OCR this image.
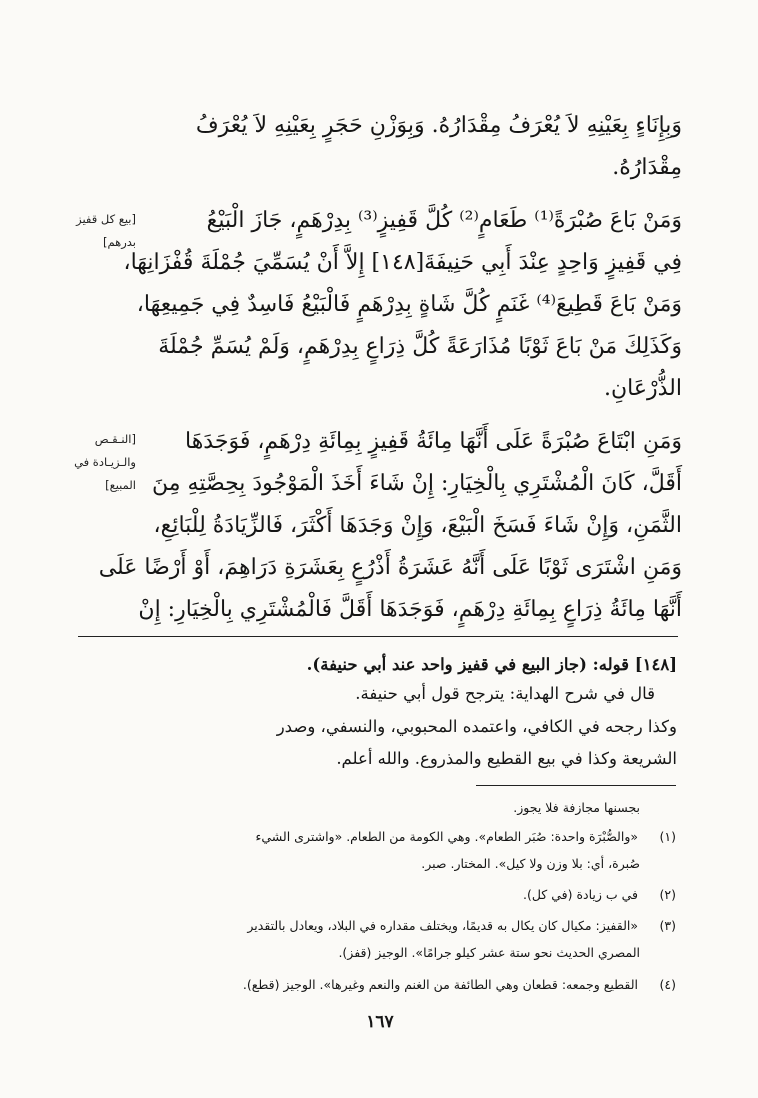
وَبِإِنَاءٍ بِعَيْنِهِ لاَ يُعْرَفُ مِقْدَارُهُ. وَبِوَزْنِ حَجَرٍ بِعَيْنِهِ لاَ يُعْرَفُ
مِقْدَارُهُ.
وَمَنْ بَاعَ صُبْرَةً⁽¹⁾ طَعَامٍ⁽²⁾ كُلَّ قَفِيزٍ⁽³⁾ بِدِرْهَمٍ، جَازَ الْبَيْعُ
فِي قَفِيزٍ وَاحِدٍ عِنْدَ أَبِي حَنِيفَةَ[١٤٨] إِلاَّ أَنْ يُسَمِّيَ جُمْلَةَ قُفْزَانِهَا،
وَمَنْ بَاعَ قَطِيعَ⁽⁴⁾ غَنَمٍ كُلَّ شَاةٍ بِدِرْهَمٍ فَالْبَيْعُ فَاسِدٌ فِي جَمِيعِهَا،
وَكَذَلِكَ مَنْ بَاعَ ثَوْبًا مُذَارَعَةً كُلَّ ذِرَاعٍ بِدِرْهَمٍ، وَلَمْ يُسَمِّ جُمْلَةَ
الذُّرْعَانِ.
وَمَنِ ابْتَاعَ صُبْرَةً عَلَى أَنَّهَا مِائَةُ قَفِيزٍ بِمِائَةِ دِرْهَمٍ، فَوَجَدَهَا
أَقَلَّ، كَانَ الْمُشْتَرِي بِالْخِيَارِ: إِنْ شَاءَ أَخَذَ الْمَوْجُودَ بِحِصَّتِهِ مِنَ
الثَّمَنِ، وَإِنْ شَاءَ فَسَخَ الْبَيْعَ، وَإِنْ وَجَدَهَا أَكْثَرَ، فَالزِّيَادَةُ لِلْبَائِعِ،
وَمَنِ اشْتَرَى ثَوْبًا عَلَى أَنَّهُ عَشَرَةُ أَذْرُعٍ بِعَشَرَةِ دَرَاهِمَ، أَوْ أَرْضًا عَلَى
أَنَّهَا مِائَةُ ذِرَاعٍ بِمِائَةِ دِرْهَمٍ، فَوَجَدَهَا أَقَلَّ فَالْمُشْتَرِي بِالْخِيَارِ: إِنْ
[بيع كل قفيز
بدرهم]
[النـقـص
والـزيـادة في
المبيع]
[١٤٨] قوله: (جاز البيع في قفيز واحد عند أبي حنيفة).
قال في شرح الهداية: يترجح قول أبي حنيفة.
وكذا رجحه في الكافي، واعتمده المحبوبي، والنسفي، وصدر
الشريعة وكذا في بيع القطيع والمذروع. والله أعلم.
بجسنها مجازفة فلا يجوز.
(١) «والصُّبْرَة واحدة: صُبَر الطعام». وهي الكومة من الطعام. «واشترى الشيء
صُبرة، أي: بلا وزن ولا كيل». المختار. صبر.
(٢) في ب زيادة (في كل).
(٣) «القفيز: مكيال كان يكال به قديمًا، ويختلف مقداره في البلاد، ويعادل بالتقدير
المصري الحديث نحو ستة عشر كيلو جرامًا». الوجيز (قفز).
(٤) القطيع وجمعه: قطعان وهي الطائفة من الغنم والنعم وغيرها». الوجيز (قطع).
١٦٧
